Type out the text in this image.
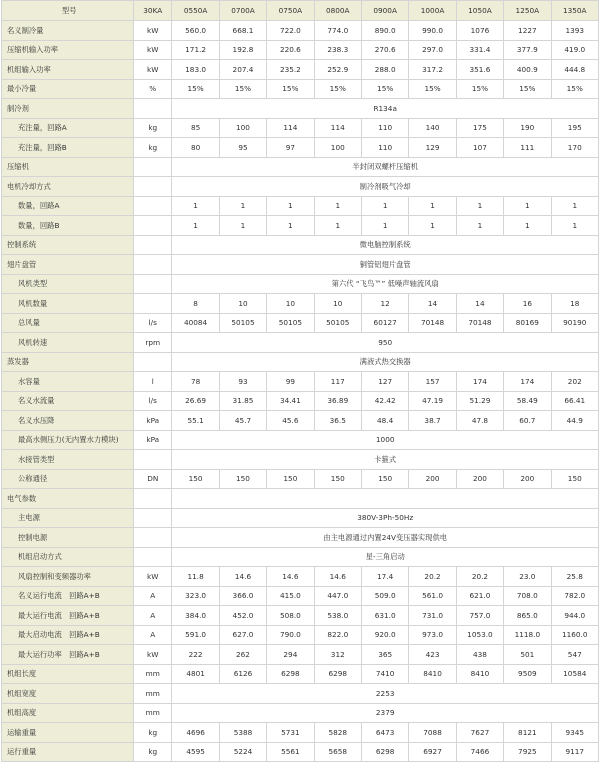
型号	30KA	0550A	0700A	0750A	0800A	0900A	1000A	1050A	1250A	1350A
名义制冷量	kW	560.0	668.1	722.0	774.0	890.0	990.0	1076	1227	1393
压缩机输入功率	kW	171.2	192.8	220.6	238.3	270.6	297.0	331.4	377.9	419.0
机组输入功率	kW	183.0	207.4	235.2	252.9	288.0	317.2	351.6	400.9	444.8
最小冷量	%	15%	15%	15%	15%	15%	15%	15%	15%	15%
制冷剂		R134a								
充注量，回路A	kg	85	100	114	114	110	140	175	190	195
充注量，回路B	kg	80	95	97	100	110	129	107	111	170
压缩机		半封闭双螺杆压缩机								
电机冷却方式		制冷剂吸气冷却								
数量，回路A		1	1	1	1	1	1	1	1	1
数量，回路B		1	1	1	1	1	1	1	1	1
控制系统		微电脑控制系统								
翅片盘管		铜管铝翅片盘管								
风机类型		第六代 “飞鸟™” 低噪声轴流风扇								
风机数量		8	10	10	10	12	14	14	16	18
总风量	l/s	40084	50105	50105	50105	60127	70148	70148	80169	90190
风机转速	rpm	950								
蒸发器		满液式热交换器								
水容量	l	78	93	99	117	127	157	174	174	202
名义水流量	l/s	26.69	31.85	34.41	36.89	42.42	47.19	51.29	58.49	66.41
名义水压降	kPa	55.1	45.7	45.6	36.5	48.4	38.7	47.8	60.7	44.9
最高水侧压力(无内置水力模块)	kPa	1000								
水接管类型		卡箍式								
公称通径	DN	150	150	150	150	150	200	200	200	150
电气参数										
主电源		380V-3Ph-50Hz								
控制电源		由主电源通过内置24V变压器实现供电								
机组启动方式		星-三角启动								
风扇控制和变频器功率	kW	11.8	14.6	14.6	14.6	17.4	20.2	20.2	23.0	25.8
名义运行电流　回路A+B	A	323.0	366.0	415.0	447.0	509.0	561.0	621.0	708.0	782.0
最大运行电流　回路A+B	A	384.0	452.0	508.0	538.0	631.0	731.0	757.0	865.0	944.0
最大启动电流　回路A+B	A	591.0	627.0	790.0	822.0	920.0	973.0	1053.0	1118.0	1160.0
最大运行功率　回路A+B	kW	222	262	294	312	365	423	438	501	547
机组长度	mm	4801	6126	6298	6298	7410	8410	8410	9509	10584
机组宽度	mm	2253								
机组高度	mm	2379								
运输重量	kg	4696	5388	5731	5828	6473	7088	7627	8121	9345
运行重量	kg	4595	5224	5561	5658	6298	6927	7466	7925	9117
